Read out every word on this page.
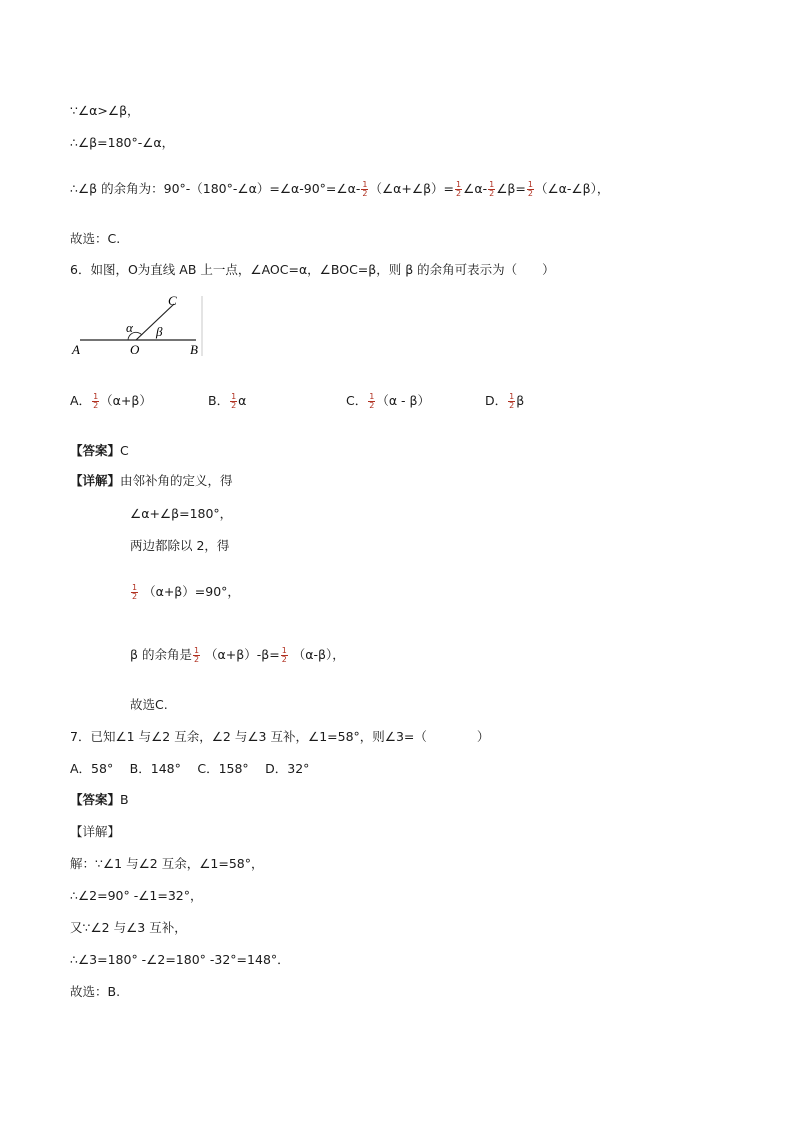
∵∠α>∠β，
∴∠β=180°-∠α，
∴∠β 的余角为：90°-（180°-∠α）=∠α-90°=∠α- $\frac{1}{2}$ （∠α+∠β）= $\frac{1}{2}$ ∠α- $\frac{1}{2}$ ∠β= $\frac{1}{2}$ （∠α-∠β），
故选：C.
6．如图，O为直线 AB 上一点，∠AOC=α，∠BOC=β，则 β 的余角可表示为（　　）
A	O	B
C
α β
A． $\frac{1}{2} (\alpha+\beta)$	B． $\frac{1}{2}$ α	C． $\frac{1}{2} (\alpha - \beta)$	D． $\frac{1}{2}$ β
【答案】C
【详解】由邻补角的定义，得
∠α+∠β=180°，
两边都除以 2，得
$\frac{1}{2} (\alpha+\beta)=90^\circ$，
β 的余角是 $\frac{1}{2} (\alpha+\beta)-\beta= \frac{1}{2} (\alpha-\beta)$，
故选C.
7．已知∠1 与∠2 互余，∠2 与∠3 互补，∠1=58°，则∠3=（　　　　）
A．58°　 B．148°　 C．158°　 D．32°
【答案】B
【详解】
解：∵∠1 与∠2 互余，∠1=58°，
∴∠2=90° -∠1=32°，
又∵∠2 与∠3 互补，
∴∠3=180° -∠2=180° -32°=148°．
故选：B.
